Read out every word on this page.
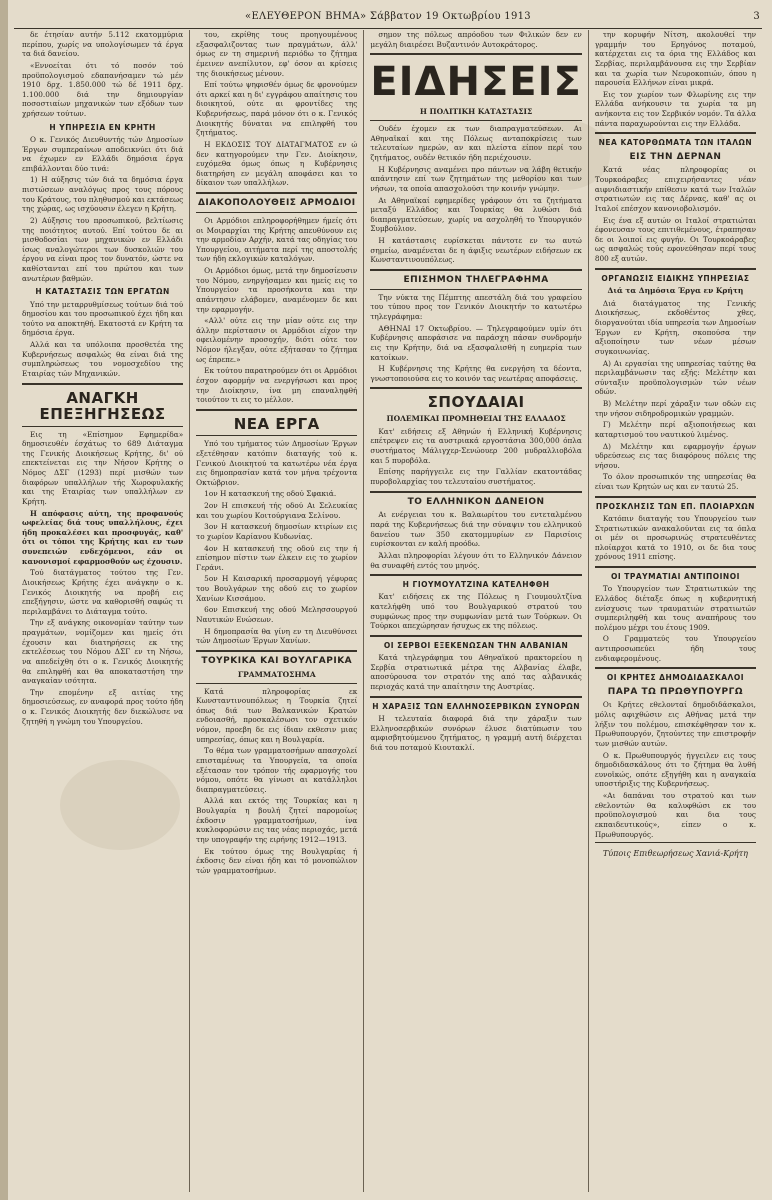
«ΕΛΕΥΘΕΡΟΝ ΒΗΜΑ» Σάββατον 19 Οκτωβρίου 1913	3

δε έτησίαν αυτήν 5.112 εκατομμύρια περίπου, χωρίς να υπολογίσωμεν τά έργα τα διά δανείου.

«Εννοείται ότι τό ποσόν τού προϋπολογισμού εδαπανήσαμεν τώ μέν 1910 δρχ. 1.850.000 τώ δέ 1911 δρχ. 1.100.000 διά την δημιουργίαν ποσοστιαίων μηχανικών των εξόδων των χρήσεων τούτων.

Η ΥΠΗΡΕΣΙΑ ΕΝ ΚΡΗΤΗ

Ο κ. Γενικός Διευθυντής τών Δημοσίων Έργων συμπεραίνων αποδεικνύει ότι διά να έχωμεν εν Ελλάδι δημόσια έργα επιβάλλονται δύο τινά:

1) Η αύξησις τών διά τα δημόσια έργα πιστώσεων αναλόγως προς τους πόρους του Κράτους, του πληθυσμού και εκτάσεως της χώρας, ως ισχύουσιν έλεγεν η Κρήτη.

2) Αύξησις του προσωπικού, βελτίωσις της ποιότητος αυτού. Επί τούτου δε αι μισθοδοσίαι των μηχανικών εν Ελλάδι ίσως αναλογώτεροι των δυσκολιών του έργου να είναι προς τον δυνατόν, ώστε να καθίστανται επί του πρώτου και των ανωτέρων βαθμών.

Η ΚΑΤΑΣΤΑΣΙΣ ΤΩΝ ΕΡΓΑΤΩΝ

Υπό την μεταρρυθμίσεως τούτων διά τού δημοσίου και του προσωπικού έχει ήδη και τούτο να αποκτηθή. Εκατοστά εν Κρήτη τα δημόσια έργα.

Αλλά και τα υπόλοιπα προσθετέα της Κυβερνήσεως ασφαλώς θα είναι διά της συμπληρώσεως του νομοσχεδίου της Εταιρίας τών Μηχανικών.

ΑΝΑΓΚΗ ΕΠΕΞΗΓΗΣΕΩΣ

Εις τη «Επίσημον Εφημερίδα» δημοσιευθέν έσχάτως το 689 Διάταγμα της Γενικής Διοικήσεως Κρήτης, δι' ού επεκτείνεται εις την Νήσον Κρήτης ο Νόμος ΔΣΓ (1293) περί μισθών των διαφόρων υπαλλήλων τής Χωροφυλακής και της Εταιρίας των υπαλλήλων εν Κρήτη.

Η απόφασις αύτη, της προφανούς ωφελείας διά τους υπαλλήλους, έχει ήδη προκαλέσει και προσφυγάς, καθ' ότι οι τόποι της Κρήτης και εν των συνεπειών ενδεχόμενοι, εάν οι κανονισμοί εφαρμοσθούν ως έχουσιν.

Τού διατάγματος τούτου της Γεν. Διοικήσεως Κρήτης έχει ανάγκην ο κ. Γενικός Διοικητής να προβή εις επεξήγησιν, ώστε να καθορισθή σαφώς τι περιλαμβάνει το Διάταγμα τούτο.

Την εξ ανάγκης οικονομίαν ταύτην των πραγμάτων, νομίζομεν και ημείς ότι έχουσιν και διατηρήσεις εκ της εκτελέσεως του Νόμου ΔΣΓ εν τη Νήσω, να απεδείχθη ότι ο κ. Γενικός Διοικητής θα επιληφθή και θα αποκαταστήση την αναγκαίαν ισότητα.

Την επομένην εξ αιτίας της δημοσιεύσεως, εν αναφορά προς τούτο ήδη ο κ. Γενικός Διοικητής δεν διεκώλυσε να ζητηθή η γνώμη του Υπουργείου.

του, εκρίθης τους προηγουμένους εξασφαλιζοντας των πραγμάτων, άλλ' όμως εν τη σημερινή περιόδω το ζήτημα έμεινεν ανεπίλυτον, εφ' όσον αι κρίσεις της διοικήσεως μένουν.

Επί τούτω ψηφισθέν όμως δε φρονούμεν ότι αρκεί και η δι' εγγράφου απαίτησις του διοικητού, ούτε αι φροντίδες της Κυβερνήσεως, παρά μόνον ότι ο κ. Γενικός Διοικητής δύναται να επιληφθή του ζητήματος.

Η ΕΚΔΟΣΙΣ ΤΟΥ ΔΙΑΤΑΓΜΑΤΟΣ εν ώ δεν κατηγορούμεν την Γεν. Διοίκησιν, ευχόμεθα όμως όπως η Κυβέρνησις διατηρήση εν μεγάλη αποφάσει και το δίκαιον των υπαλλήλων.

ΔΙΑΚΟΠΟΛΟΥΘΕΙΣ ΑΡΜΟΔΙΟΙ

Οι Αρμόδιοι επληροφορήθημεν ήμείς ότι οι Μοιραρχίαι της Κρήτης απευθύνουν εις την αρμοδίαν Αρχήν, κατά τας οδηγίας του Υπουργείου, αιτήματα περί της αποστολής των ήδη εκλογικών καταλόγων.

Οι Αρμόδιοι όμως, μετά την δημοσίευσιν του Νόμου, ενηργήσαμεν και ημείς εις το Υπουργείον τα προσήκοντα και την απάντησιν ελάβομεν, αναμένομεν δε και την εφαρμογήν.

«Αλλ' ούτε εις την μίαν ούτε εις την άλλην περίστασιν οι Αρμόδιοι είχον την οφειλομένην προσοχήν, διότι ούτε τον Νόμον ήλεγξαν, ούτε εξήτασαν το ζήτημα ως έπρεπε.»

Εκ τούτου παρατηρούμεν ότι οι Αρμόδιοι έσχον αφορμήν να ενεργήσωσι και προς την Διοίκησιν, ίνα μη επαναληφθή τοιούτον τι εις το μέλλον.

ΝΕΑ ΕΡΓΑ

Υπό του τμήματος τών Δημοσίων Έργων εξετέθησαν κατόπιν διαταγής τού κ. Γενικού Διοικητού τα κατωτέρω νέα έργα εις δημοπρασίαν κατά τον μήνα τρέχοντα Οκτώβριον.

1ον Η κατασκευή της οδού Σφακιά.

2ον Η επισκευή τής οδού Αι Σελευκίας και του χωρίου Κοιτούργιανα Σελίνου.

3ον Η κατασκευή δημοσίων κτιρίων εις το χωρίον Καρίανου Κυδωνίας.

4ον Η κατασκευή της οδού εις την ή επίσημον πίστιν των έλκειν εις το χωρίον Γεράνι.

5ον Η Καισαρική προσαρμογή γέφυρας του Βουλγάρων της οδού εις το χωρίον Χανίων Κισσάμου.

6ον Επισκευή της οδού Μελησσουργού Ναυτικών Ενώσεων.

Η δημοπρασία θα γίνη εν τη Διευθύνσει τών Δημοσίων Έργων Χανίων.

ΤΟΥΡΚΙΚΑ ΚΑΙ ΒΟΥΛΓΑΡΙΚΑ
ΓΡΑΜΜΑΤΟΣΗΜΑ

Κατά πληροφορίας εκ Κωνσταντινουπόλεως η Τουρκία ζητεί όπως διά των Βαλκανικών Κρατών ενδοιασθή, προσκαλέσωσι τον σχετικόν νόμον, προεβη δε εις ίδιαν εκθεσιν μιας υπηρεσίας, όπως και η Βουλγαρία.

Το θέμα των γραμματοσήμων απασχολεί επισταμένως τα Υπουργεία, τα οποία εξέτασαν τον τρόπον τής εφαρμογής του νόμου, οπότε θα γίνωσι αι κατάλληλοι διαπραγματεύσεις.

Αλλά και εκτός της Τουρκίας και η Βουλγαρία η βουλή ζητεί παρομοίως έκδοσιν γραμματοσήμων, ίνα κυκλοφορώσιν εις τας νέας περιοχάς, μετά την υπογραφήν της ειρήνης 1912—1913.

Εκ τούτου όμως της Βουλγαρίας ή έκδοσις δεν είναι ήδη και τό μονοπώλιον τών γραμματοσήμων.

σημον της πόλεως απρόοδου των Φιλικών δεν εν μεγάλη διαιρέσει Βυζαντινόν Αυτοκράτορος.

ΕΙΔΗΣΕΙΣ
Η ΠΟΛΙΤΙΚΗ ΚΑΤΑΣΤΑΣΙΣ

Ουδέν έχομεν εκ των διαπραγματεύσεων. Αι Αθηναϊκαί και της Πόλεως ανταποκρίσεις των τελευταίων ημερών, αν και πλείστα είπον περί του ζητήματος, ουδέν θετικόν ήδη περιέχουσιν.

Η Κυβέρνησις αναμένει προ πάντων να λάβη θετικήν απάντησιν επί των ζητημάτων της μεθορίου και των νήσων, τα οποία απασχολούσι την κοινήν γνώμην.

Αι Αθηναϊκαί εφημερίδες γράφουν ότι τα ζητήματα μεταξύ Ελλάδος και Τουρκίας θα λυθώσι διά διαπραγματεύσεων, χωρίς να ασχοληθή το Υπουργικόν Συμβούλιον.

Η κατάστασις ευρίσκεται πάντοτε εν τω αυτώ σημείω, αναμένεται δε η άφιξις νεωτέρων ειδήσεων εκ Κωνσταντινουπόλεως.

ΕΠΙΣΗΜΟΝ ΤΗΛΕΓΡΑΦΗΜΑ

Την νύκτα της Πέμπτης απεστάλη διά του γραφείου του τύπου προς τον Γενικόν Διοικητήν το κατωτέρω τηλεγράφημα:

ΑΘΗΝΑΙ 17 Οκτωβρίου. — Τηλεγραφούμεν υμίν ότι Κυβέρνησις απεφάσισε να παράσχη πάσαν συνδρομήν εις την Κρήτην, διά να εξασφαλισθή η ευημερία των κατοίκων.

Η Κυβέρνησις της Κρήτης θα ενεργήση τα δέοντα, γνωστοποιούσα εις το κοινόν τας νεωτέρας αποφάσεις.

ΣΠΟΥΔΑΙΑΙ
ΠΟΛΕΜΙΚΑΙ ΠΡΟΜΗΘΕΙΑΙ ΤΗΣ ΕΛΛΑΔΟΣ

Κατ' ειδήσεις εξ Αθηνών ή Ελληνική Κυβέρνησις επέτρεψεν εις τα αυστριακά εργοστάσια 300,000 όπλα συστήματος Μάλιγχερ-Σενώουερ 200 μυδραλλιοβόλα και 5 πυροβόλα.

Επίσης παρήγγειλε εις την Γαλλίαν εκατοντάδας πυροβολαρχίας του τελευταίου συστήματος.

ΤΟ ΕΛΛΗΝΙΚΟΝ ΔΑΝΕΙΟΝ

Αι ενέργειαι του κ. Βαλαωρίτου του εντεταλμένου παρά της Κυβερνήσεως διά την σύναψιν του ελληνικού δανείου των 350 εκατομμυρίων εν Παρισίοις ευρίσκονται εν καλή προόδω.

Άλλαι πληροφορίαι λέγουν ότι το Ελληνικόν Δάνειον θα συναφθή εντός του μηνός.

Η ΓΙΟΥΜΟΥΛΤΖΙΝΑ ΚΑΤΕΛΗΦΘΗ

Κατ' ειδήσεις εκ της Πόλεως η Γιουμουλτζίνα κατελήφθη υπό του Βουλγαρικού στρατού του συμφώνως προς την συμφωνίαν μετά των Τούρκων. Οι Τούρκοι απεχώρησαν ήσυχως εκ της πόλεως.

ΟΙ ΣΕΡΒΟΙ ΕΞΕΚΕΝΩΣΑΝ ΤΗΝ ΑΛΒΑΝΙΑΝ

Κατά τηλεγράφημα του Αθηναϊκού πρακτορείου η Σερβία στρατιωτικά μέτρα της Αλβανίας έλαβε, αποσύρουσα τον στρατόν της από τας αλβανικάς περιοχάς κατά την απαίτησιν της Αυστρίας.

Η ΧΑΡΑΞΙΣ ΤΩΝ ΕΛΛΗΝΟΣΕΡΒΙΚΩΝ ΣΥΝΟΡΩΝ

Η τελευταία διαφορά διά την χάραξιν των Ελληνοσερβικών συνόρων έλυσε διατύπωσιν του αμφισβητούμενου ζητήματος, η γραμμή αυτή διέρχεται διά του ποταμού Κιουτακλί.

την κορυφήν Νίτση, ακολουθεί την γραμμήν του Ερηγόνος ποταμού, κατέρχεται εις τα όρια της Ελλάδος και Σερβίας, περιλαμβάνουσα εις την Σερβίαν και τα χωρία των Νευροκοπιών, όπου η παρουσία Ελλήνων είναι μικρά.

Εις τον χωρίον των Φλωρίνης εις την Ελλάδα ανήκουσιν τα χωρία τα μη ανήκοντα εις τον Σερβικόν νομόν. Τα άλλα πάντα παραχωρούνται εις την Ελλάδα.

ΝΕΑ ΚΑΤΟΡΘΩΜΑΤΑ ΤΩΝ ΙΤΑΛΩΝ
ΕΙΣ ΤΗΝ ΔΕΡΝΑΝ

Κατά νέας πληροφορίας οι Τουρκοάραβες επιχειρήσαντες νέαν αιφνιδιαστικήν επίθεσιν κατά των Ιταλών στρατιωτών εις τας Δέρνας, καθ' ας οι Ιταλοί επέσχον κανονιοβολισμόν.

Εις ένα εξ αυτών οι Ιταλοί στρατιώται έφονευσαν τους επιτιθεμένους, έτραπησαν δε οι λοιποί εις φυγήν. Οι Τουρκοάραβες ως ασφαλώς τούς εφονεύθησαν περί τους 800 εξ αυτών.

ΟΡΓΑΝΩΣΙΣ ΕΙΔΙΚΗΣ ΥΠΗΡΕΣΙΑΣ
Διά τα Δημόσια Έργα εν Κρήτη

Διά διατάγματος της Γενικής Διοικήσεως, εκδοθέντος χθες, διοργανούται ιδία υπηρεσία των Δημοσίων Έργων εν Κρήτη, σκοπούσα την αξιοποίησιν των νέων μέσων συγκοινωνίας.

Α) Αι εργασίαι της υπηρεσίας ταύτης θα περιλαμβάνωσιν τας εξής: Μελέτην και σύνταξιν προϋπολογισμών τών νέων οδών.

Β) Μελέτην περί χάραξιν των οδών εις την νήσον σιδηροδρομικών γραμμών.

Γ) Μελέτην περί αξιοποιήσεως και καταρτισμού του ναυτικού λιμένος.

Δ) Μελέτην και εφαρμογήν έργων υδρεύσεως εις τας διαφόρους πόλεις της νήσου.

Το όλον προσωπικόν της υπηρεσίας θα είναι των Κρητών ως και εν ταυτώ 25.

ΠΡΟΣΚΛΗΣΙΣ ΤΩΝ ΕΠ. ΠΛΟΙΑΡΧΩΝ

Κατόπιν διαταγής του Υπουργείου των Στρατιωτικών ανακαλούνται εις τα όπλα οι μέν οι προσωρινώς στρατευθέντες πλοίαρχοι κατά το 1910, οι δε δια τους χρόνους 1911 επίσης.

ΟΙ ΤΡΑΥΜΑΤΙΑΙ ΑΝΤΙΠΟΙΝΟΙ

Το Υπουργείον των Στρατιωτικών της Ελλάδος διέταξε όπως η κυβερνητική ενίσχυσις των τραυματιών στρατιωτών συμπεριληφθή και τους αναπήρους του πολέμου μέχρι του έτους 1909.

Ο Γραμματεύς του Υπουργείου αντιπροσωπεύει ήδη τους ενδιαφερομένους.

ΟΙ ΚΡΗΤΕΣ ΔΗΜΟΔΙΔΑΣΚΑΛΟΙ
ΠΑΡΑ ΤΩ ΠΡΩΘΥΠΟΥΡΓΩ

Οι Κρήτες εθελονταί δημοδιδάσκαλοι, μόλις αφιχθώσιν εις Αθήνας μετά την λήξιν του πολέμου, επισκέφθησαν τον κ. Πρωθυπουργόν, ζητούντες την επιστροφήν των μισθών αυτών.

Ο κ. Πρωθυπουργός ήγγειλεν εις τους δημοδιδασκάλους ότι το ζήτημα θα λυθή ευνοϊκώς, οπότε εξηγήθη και η αναγκαία υποστήριξις της Κυβερνήσεως.

«Αι δαπάναι του στρατού και των εθελοντών θα καλυφθώσι εκ του προϋπολογισμού και δια τους εκπαιδευτικούς», είπεν ο κ. Πρωθυπουργός.

Τύποις Επιθεωρήσεως Χανιά-Κρήτη
